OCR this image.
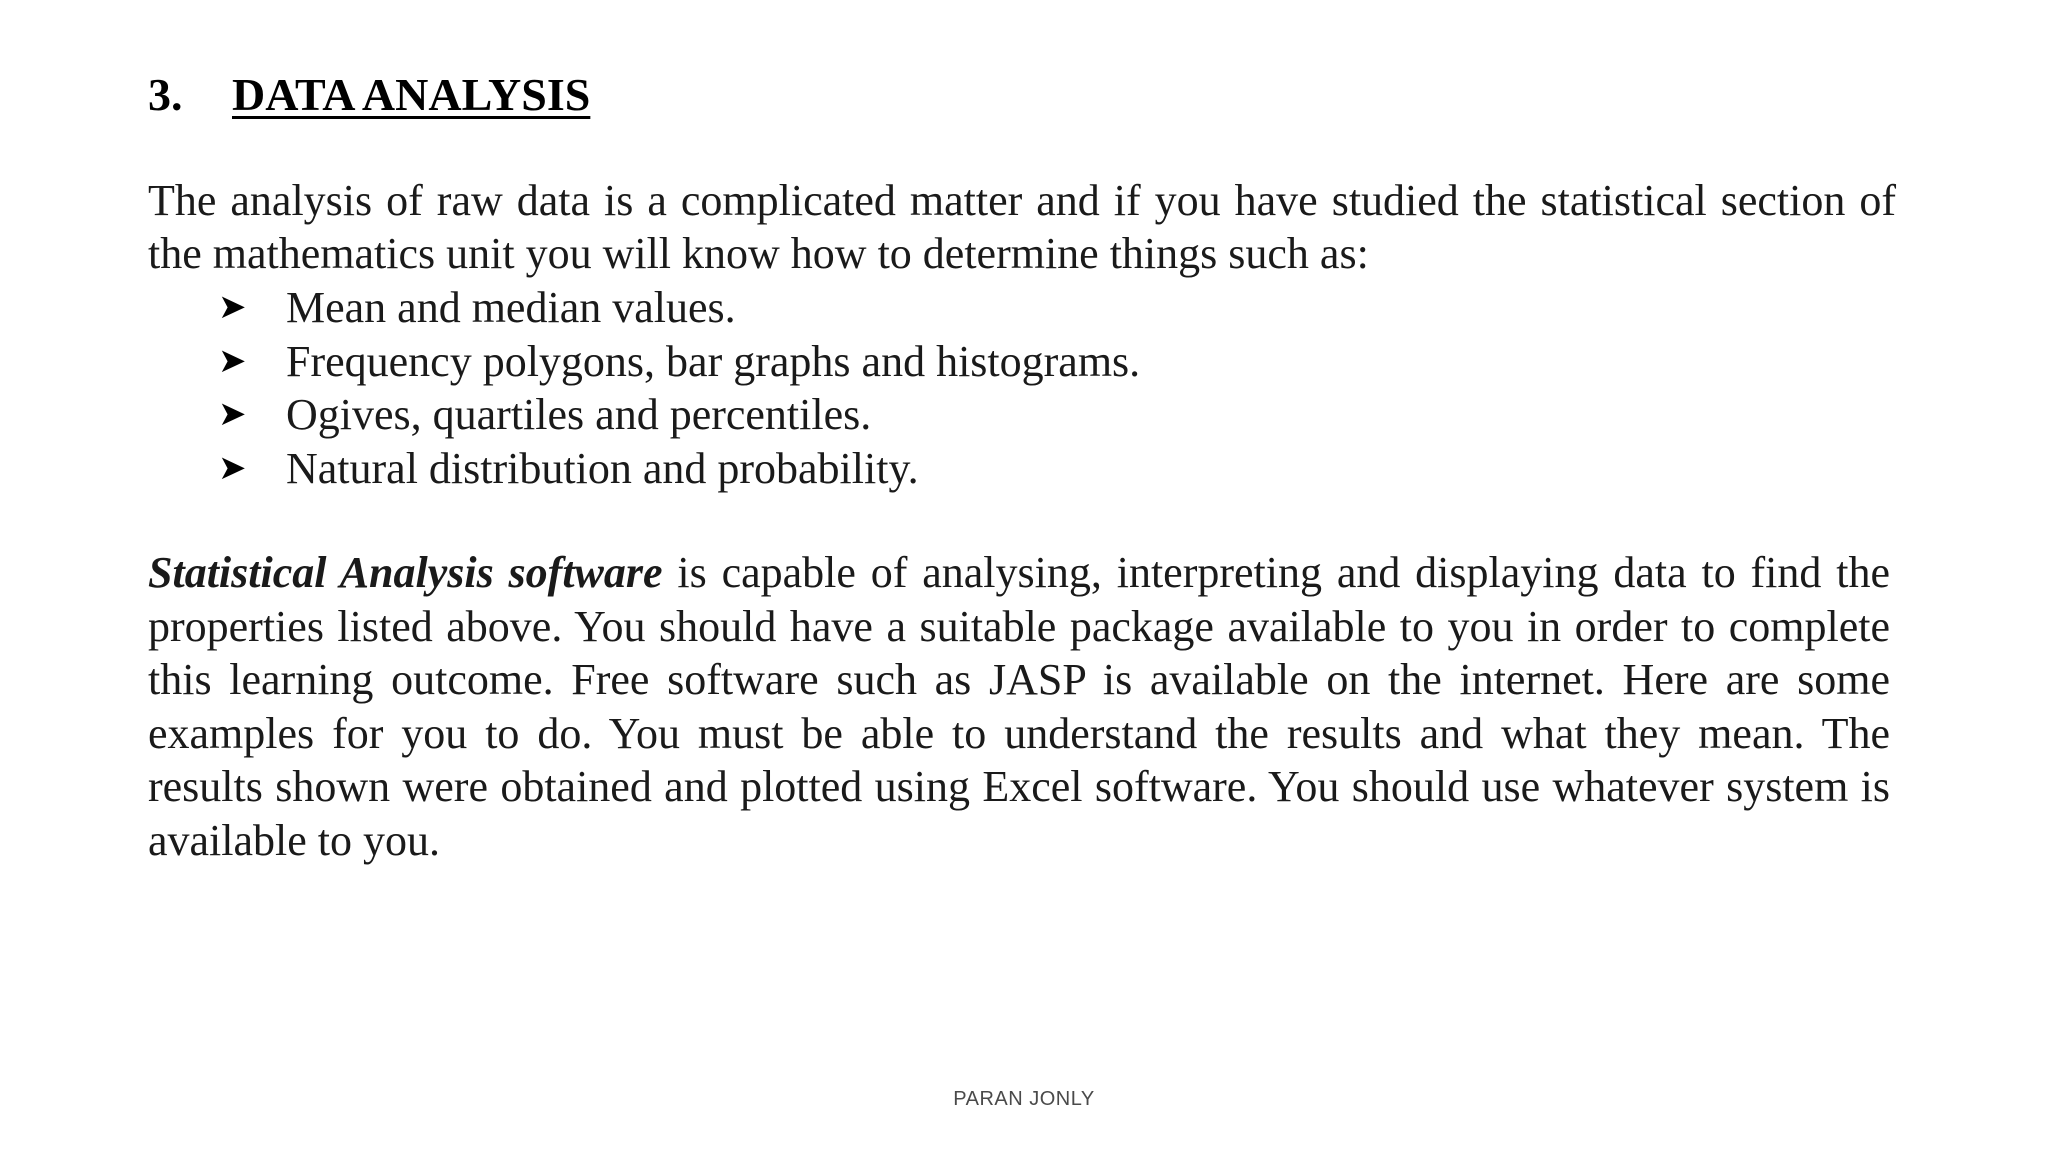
3. DATA ANALYSIS
The analysis of raw data is a complicated matter and if you have studied the statistical section of the mathematics unit you will know how to determine things such as:
➤ Mean and median values.
➤ Frequency polygons, bar graphs and histograms.
➤ Ogives, quartiles and percentiles.
➤ Natural distribution and probability.
Statistical Analysis software is capable of analysing, interpreting and displaying data to find the properties listed above. You should have a suitable package available to you in order to complete this learning outcome. Free software such as JASP is available on the internet. Here are some examples for you to do. You must be able to understand the results and what they mean. The results shown were obtained and plotted using Excel software. You should use whatever system is available to you.
PARAN JONLY
